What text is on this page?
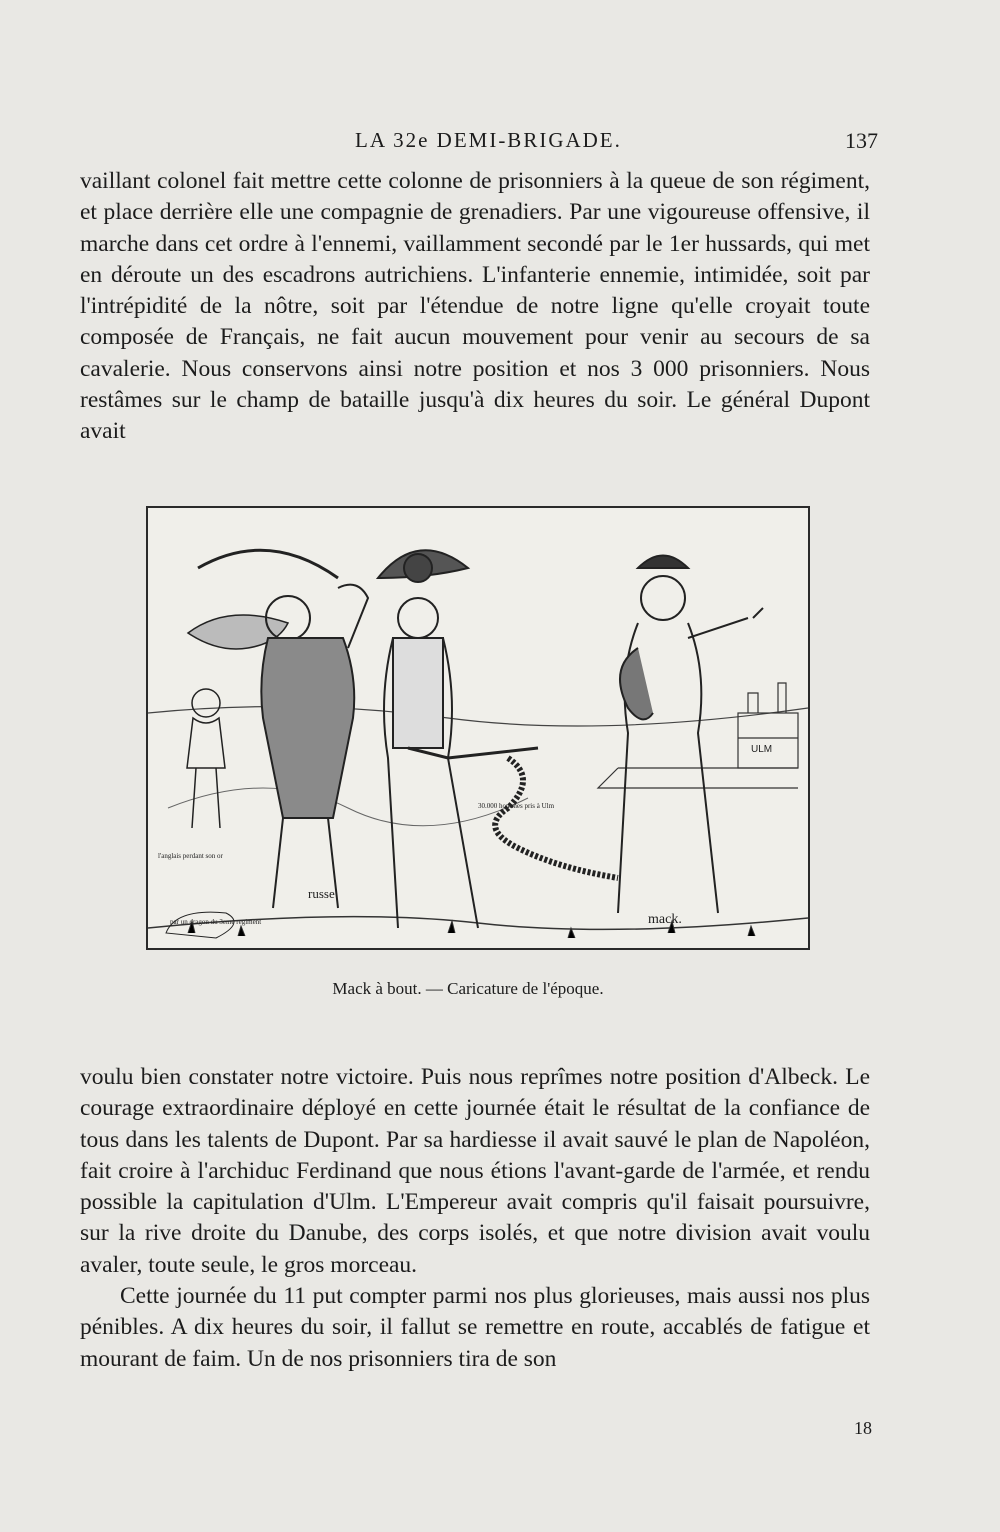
LA 32e DEMI-BRIGADE.	137

vaillant colonel fait mettre cette colonne de prisonniers à la queue de son régiment, et place derrière elle une compagnie de grenadiers. Par une vigoureuse offensive, il marche dans cet ordre à l'ennemi, vaillamment secondé par le 1er hussards, qui met en déroute un des escadrons autrichiens. L'infanterie ennemie, intimidée, soit par l'intrépidité de la nôtre, soit par l'étendue de notre ligne qu'elle croyait toute composée de Français, ne fait aucun mouvement pour venir au secours de sa cavalerie. Nous conservons ainsi notre position et nos 3 000 prisonniers. Nous restâmes sur le champ de bataille jusqu'à dix heures du soir. Le général Dupont avait

ULM
30.000 hommes pris à Ulm
l'anglais perdant son or
russe
mack.
par un dragon du 3eme regiment
Mack à bout. — Caricature de l'époque.

voulu bien constater notre victoire. Puis nous reprîmes notre position d'Albeck. Le courage extraordinaire déployé en cette journée était le résultat de la confiance de tous dans les talents de Dupont. Par sa hardiesse il avait sauvé le plan de Napoléon, fait croire à l'archiduc Ferdinand que nous étions l'avant-garde de l'armée, et rendu possible la capitulation d'Ulm. L'Empereur avait compris qu'il faisait poursuivre, sur la rive droite du Danube, des corps isolés, et que notre division avait voulu avaler, toute seule, le gros morceau.

Cette journée du 11 put compter parmi nos plus glorieuses, mais aussi nos plus pénibles. A dix heures du soir, il fallut se remettre en route, accablés de fatigue et mourant de faim. Un de nos prisonniers tira de son

18
